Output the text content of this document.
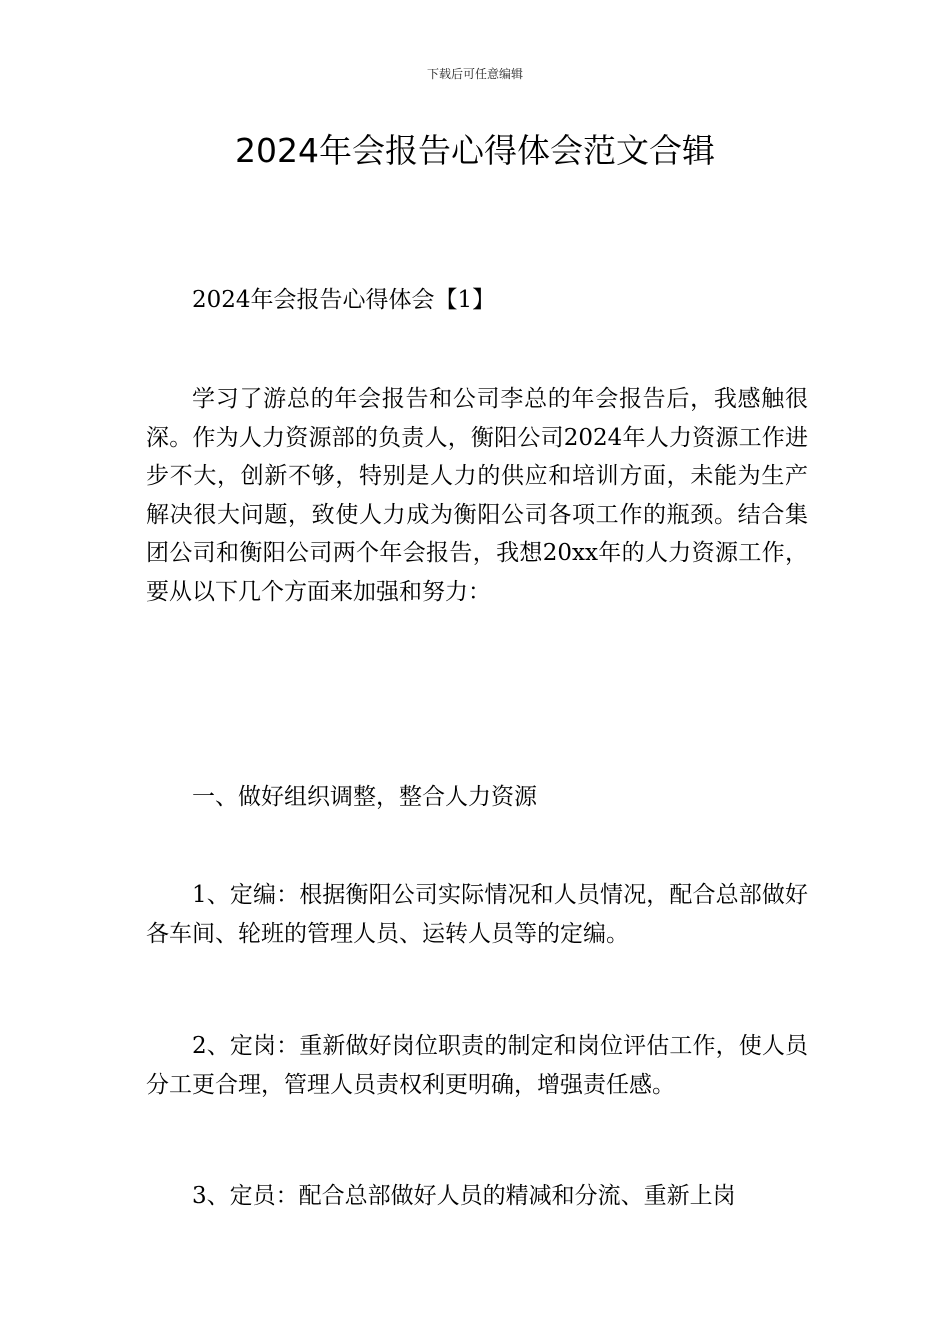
下载后可任意编辑
2024年会报告心得体会范文合辑

2024年会报告心得体会【1】

学习了游总的年会报告和公司李总的年会报告后，我感触很深。作为人力资源部的负责人，衡阳公司2024年人力资源工作进步不大，创新不够，特别是人力的供应和培训方面，未能为生产解决很大问题，致使人力成为衡阳公司各项工作的瓶颈。结合集团公司和衡阳公司两个年会报告，我想20xx年的人力资源工作，要从以下几个方面来加强和努力：

一、做好组织调整，整合人力资源

1、定编：根据衡阳公司实际情况和人员情况，配合总部做好各车间、轮班的管理人员、运转人员等的定编。

2、定岗：重新做好岗位职责的制定和岗位评估工作，使人员分工更合理，管理人员责权利更明确，增强责任感。

3、定员：配合总部做好人员的精减和分流、重新上岗
